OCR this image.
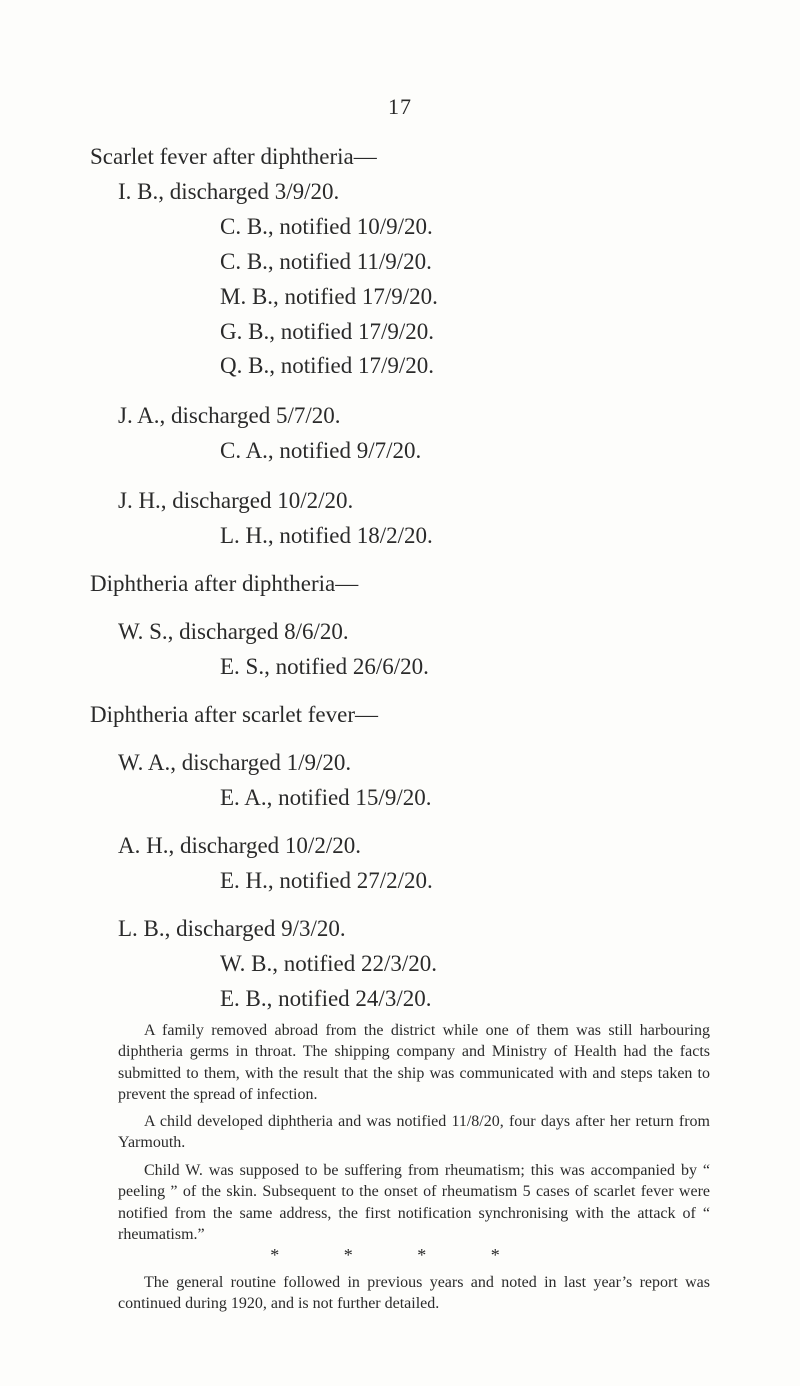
17
Scarlet fever after diphtheria—
I. B., discharged 3/9/20.
C. B., notified 10/9/20.
C. B., notified 11/9/20.
M. B., notified 17/9/20.
G. B., notified 17/9/20.
Q. B., notified 17/9/20.
J. A., discharged 5/7/20.
C. A., notified 9/7/20.
J. H., discharged 10/2/20.
L. H., notified 18/2/20.
Diphtheria after diphtheria—
W. S., discharged 8/6/20.
E. S., notified 26/6/20.
Diphtheria after scarlet fever—
W. A., discharged 1/9/20.
E. A., notified 15/9/20.
A. H., discharged 10/2/20.
E. H., notified 27/2/20.
L. B., discharged 9/3/20.
W. B., notified 22/3/20.
E. B., notified 24/3/20.
A family removed abroad from the district while one of them was still harbouring diphtheria germs in throat. The shipping company and Ministry of Health had the facts submitted to them, with the result that the ship was communicated with and steps taken to prevent the spread of infection.
A child developed diphtheria and was notified 11/8/20, four days after her return from Yarmouth.
Child W. was supposed to be suffering from rheumatism; this was accompanied by “ peeling ” of the skin. Subsequent to the onset of rheumatism 5 cases of scarlet fever were notified from the same address, the first notification synchronising with the attack of “ rheumatism.”
* * * *
The general routine followed in previous years and noted in last year’s report was continued during 1920, and is not further detailed.
